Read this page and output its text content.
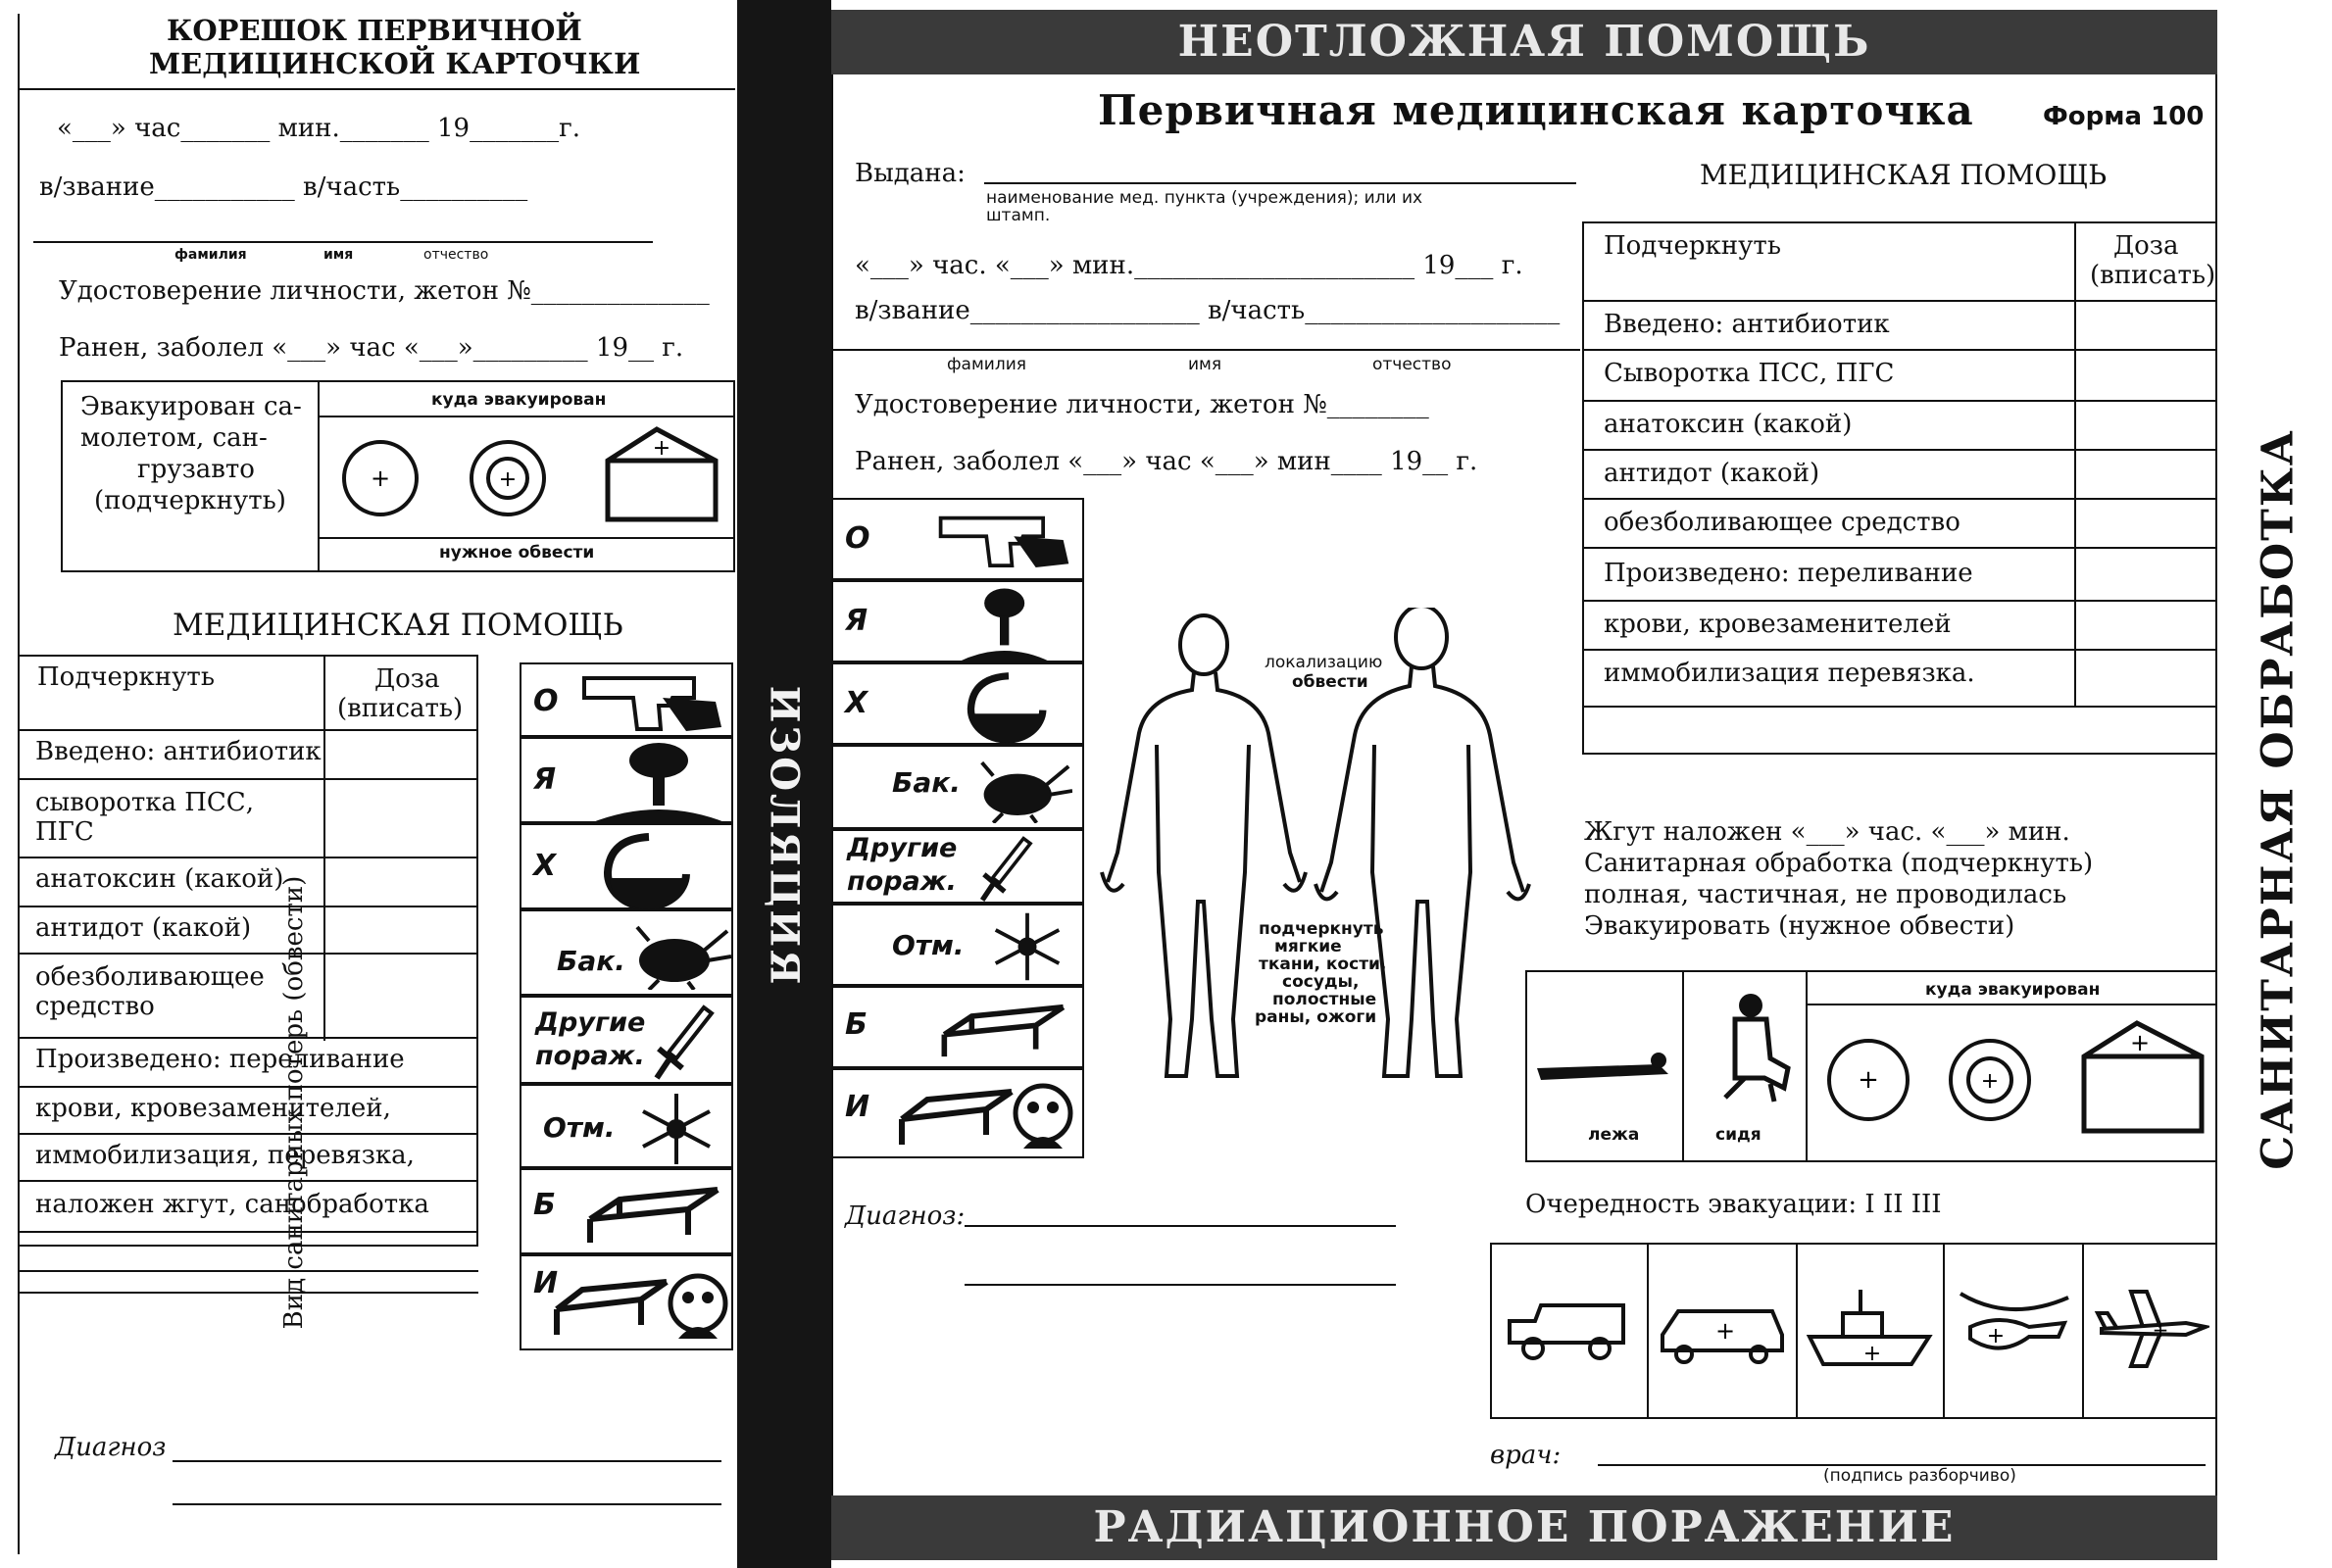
КОРЕШОК ПЕРВИЧНОЙ
МЕДИЦИНСКОЙ КАРТОЧКИ
«___» час_______ мин._______ 19_______г.
в/звание___________ в/часть__________
фамилия	имя	отчество
Удостоверение личности, жетон №______________
Ранен, заболел «___» час «___»_________ 19__ г.
Эвакуирован са-
молетом, сан-
грузавто
(подчеркнуть)
куда эвакуирован
нужное обвести
+	+
+
МЕДИЦИНСКАЯ ПОМОЩЬ
Подчеркнуть	Доза
(вписать)
Введено: антибиотик
сыворотка ПСС,
ПГС
анатоксин (какой)
антидот (какой)
обезболивающее
средство
Произведено: переливание
крови, кровезаменителей,
иммобилизация, перевязка,
наложен жгут, санобработка
Вид санитарных потерь (обвести)
О
Я
Х
Бак.
Другие
пораж.
Отм.
Б
И
Диагноз
ИЗОЛЯЦИЯ
НЕОТЛОЖНАЯ ПОМОЩЬ
РАДИАЦИОННОЕ ПОРАЖЕНИЕ
Первичная медицинская карточка	Форма 100
Выдана:
наименование мед. пункта (учреждения); или их
штамп.
МЕДИЦИНСКАЯ ПОМОЩЬ
«___» час. «___» мин.______________________ 19___ г.
в/звание__________________ в/часть____________________
фамилия	имя	отчество
Удостоверение личности, жетон №________
Ранен, заболел «___» час «___» мин____ 19__ г.
Подчеркнуть	Доза
(вписать)
Введено: антибиотик
Сыворотка ПСС, ПГС
анатоксин (какой)
антидот (какой)
обезболивающее средство
Произведено: переливание
крови, кровезаменителей
иммобилизация перевязка.
О
Я
Х
Бак.
Другие
пораж.
Отм.
Б
И
локализацию
обвести
подчеркнуть
мягкие
ткани, кости,
сосуды,
полостные
раны, ожоги
Жгут наложен «___» час. «___» мин.
Санитарная обработка (подчеркнуть)
полная, частичная, не проводилась
Эвакуировать (нужное обвести)
куда эвакуирован
лежа	сидя
+	+
+
Очередность эвакуации: I II III
+
+
+	+
Диагноз:
врач:
(подпись разборчиво)
САНИТАРНАЯ ОБРАБОТКА
